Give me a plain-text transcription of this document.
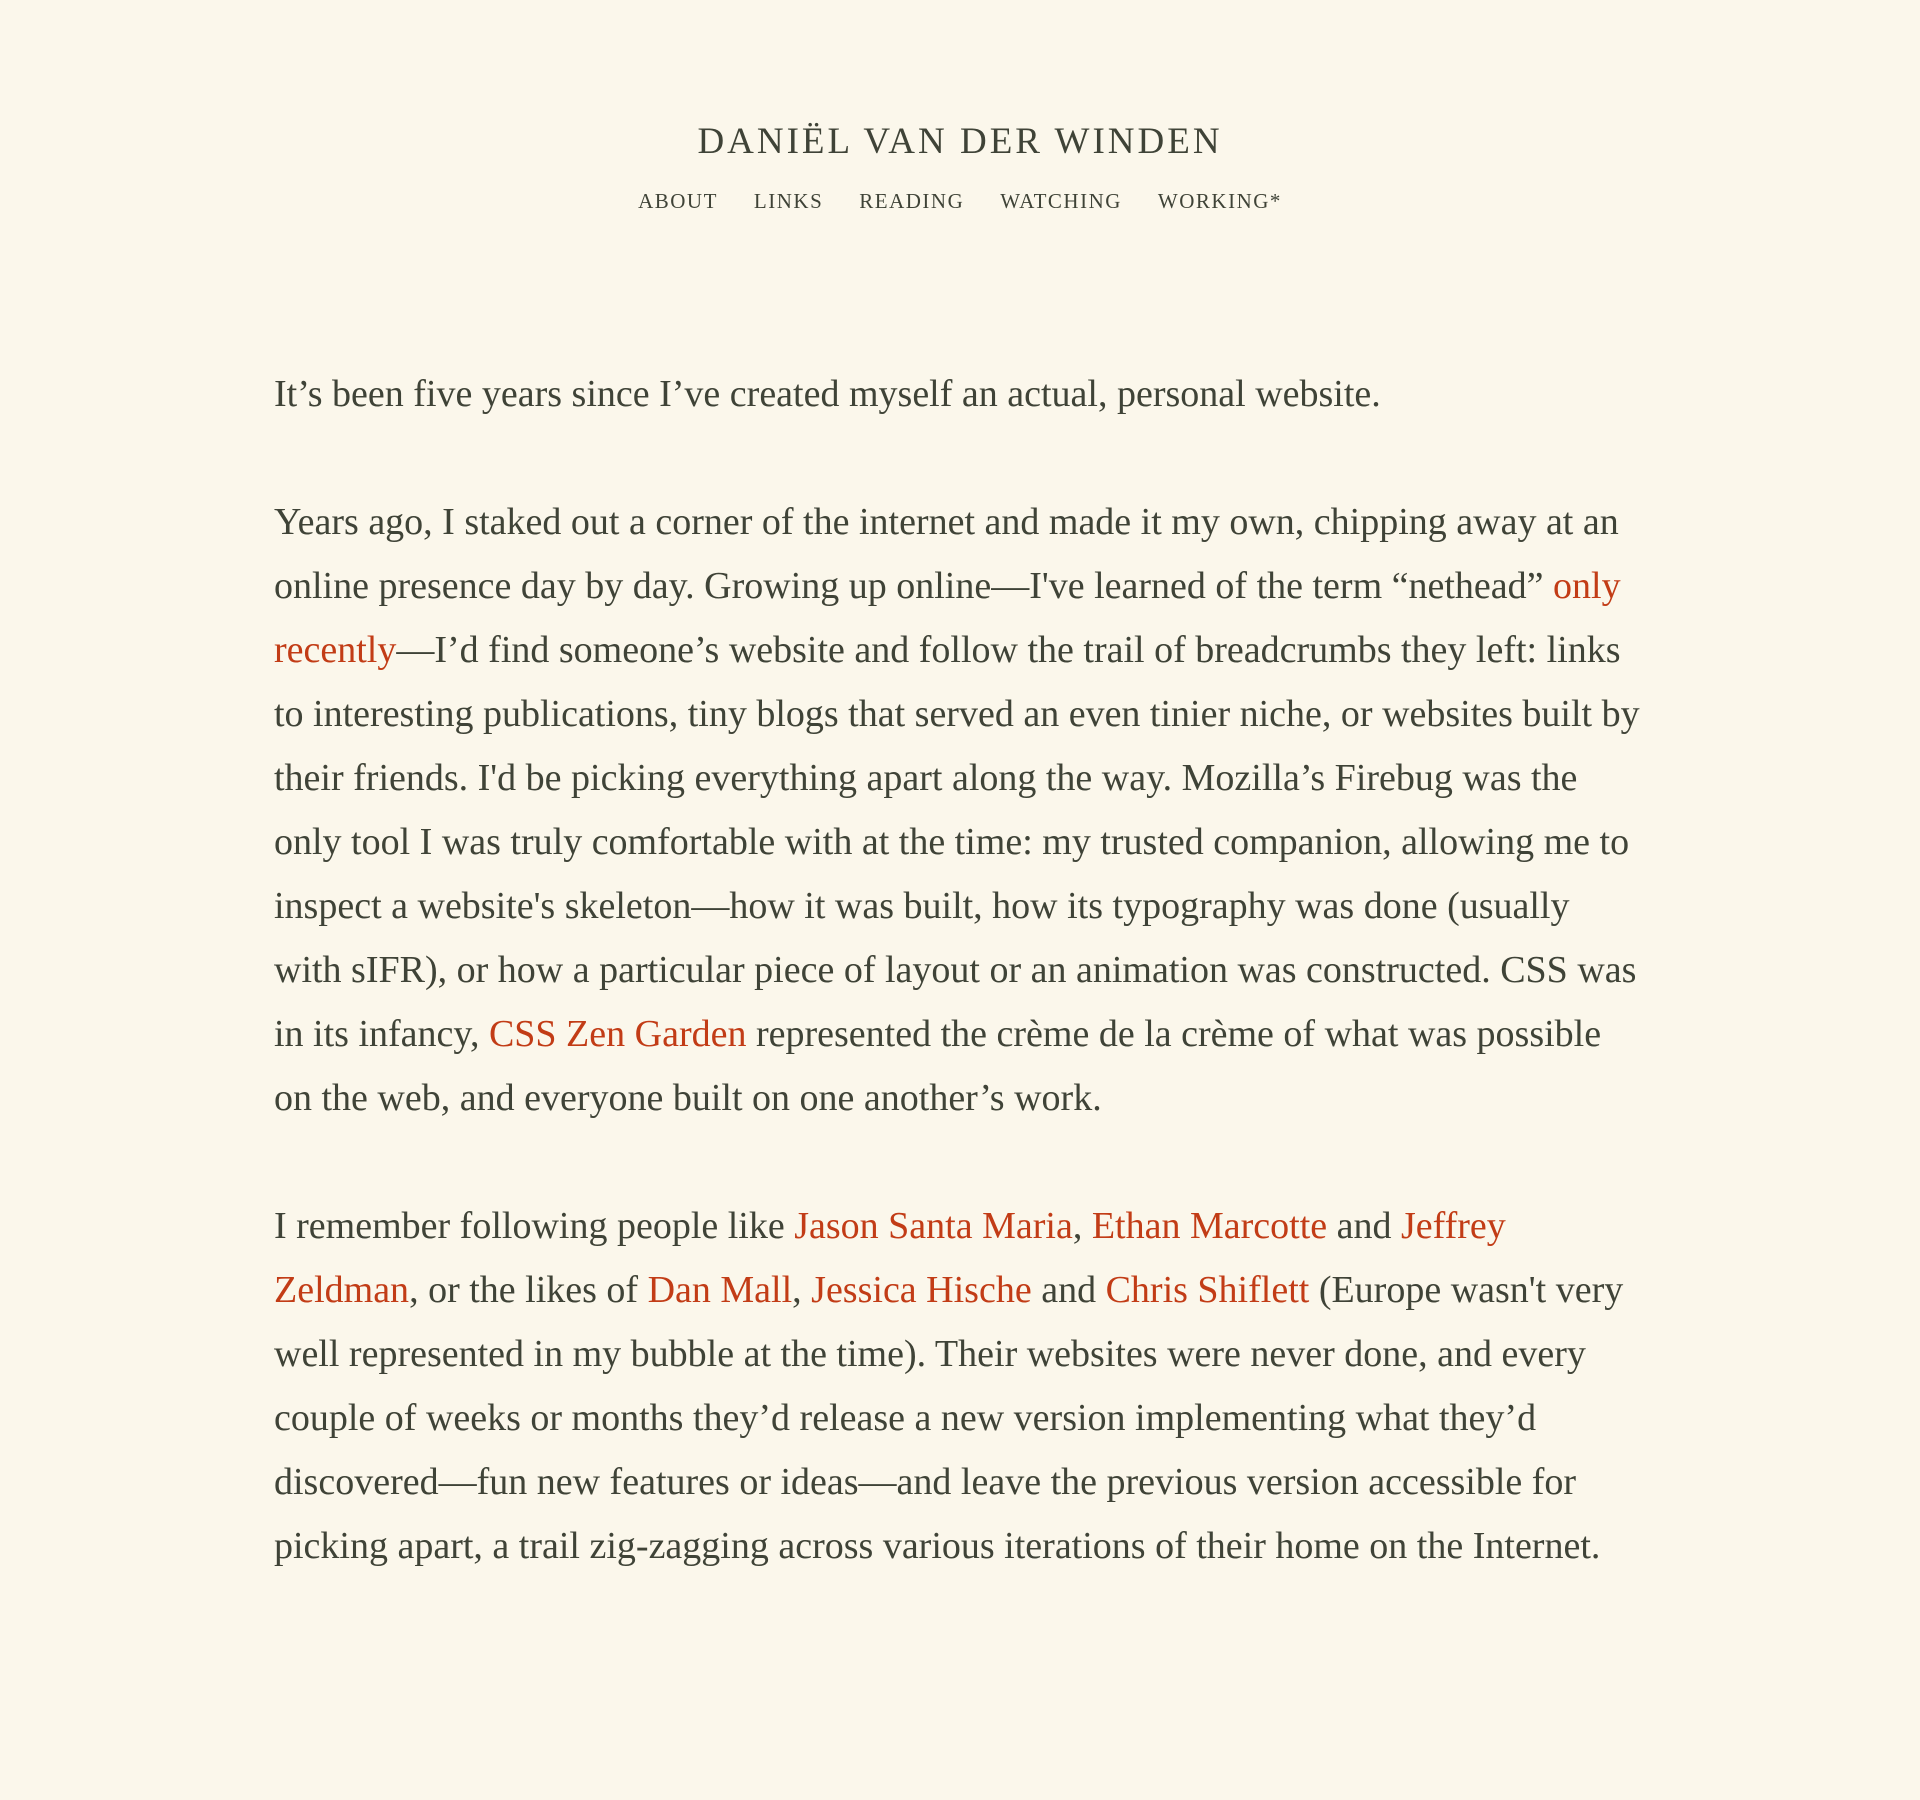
DANIËL VAN DER WINDEN
ABOUT LINKS READING WATCHING WORKING*

It’s been five years since I’ve created myself an actual, personal website.

Years ago, I staked out a corner of the internet and made it my own, chipping away at an online presence day by day. Growing up online—I've learned of the term “nethead” only recently—I’d find someone’s website and follow the trail of breadcrumbs they left: links to interesting publications, tiny blogs that served an even tinier niche, or websites built by their friends. I'd be picking everything apart along the way. Mozilla’s Firebug was the only tool I was truly comfortable with at the time: my trusted companion, allowing me to inspect a website's skeleton—how it was built, how its typography was done (usually with sIFR), or how a particular piece of layout or an animation was constructed. CSS was in its infancy, CSS Zen Garden represented the crème de la crème of what was possible on the web, and everyone built on one another’s work.

I remember following people like Jason Santa Maria, Ethan Marcotte and Jeffrey Zeldman, or the likes of Dan Mall, Jessica Hische and Chris Shiflett (Europe wasn't very well represented in my bubble at the time). Their websites were never done, and every couple of weeks or months they’d release a new version implementing what they’d discovered—fun new features or ideas—and leave the previous version accessible for picking apart, a trail zig-zagging across various iterations of their home on the Internet.
